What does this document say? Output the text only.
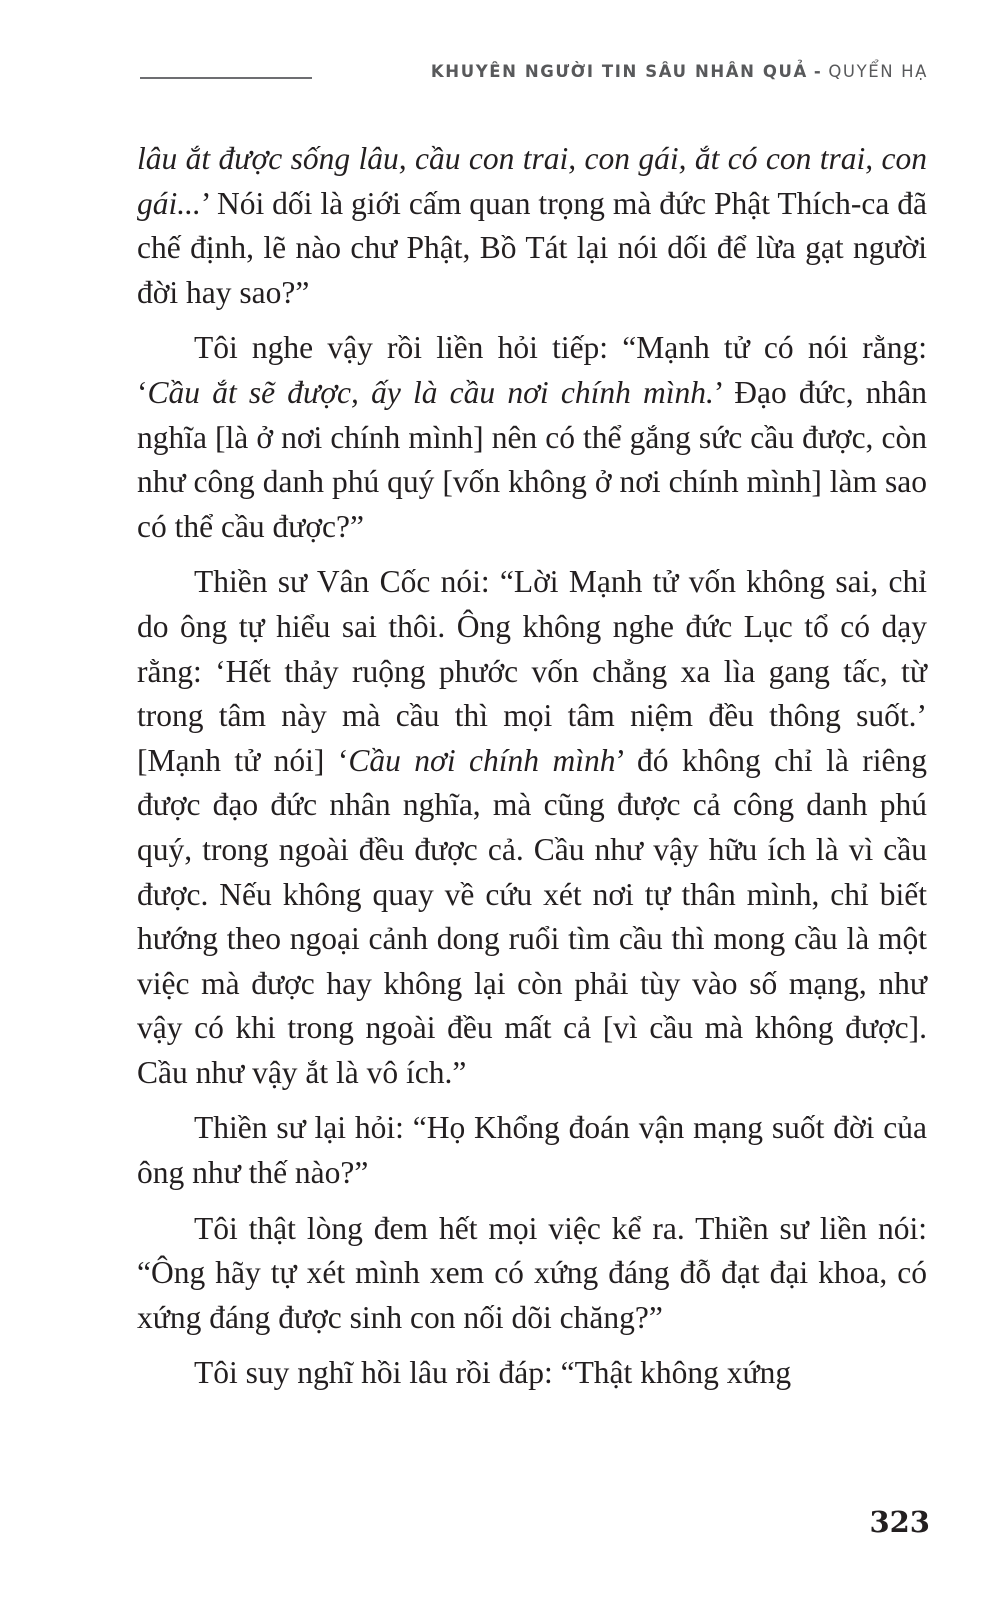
KHUYÊN NGƯỜI TIN SÂU NHÂN QUẢ - QUYỂN HẠ

lâu ắt được sống lâu, cầu con trai, con gái, ắt có con trai, con gái...’ Nói dối là giới cấm quan trọng mà đức Phật Thích-ca đã chế định, lẽ nào chư Phật, Bồ Tát lại nói dối để lừa gạt người đời hay sao?”

Tôi nghe vậy rồi liền hỏi tiếp: “Mạnh tử có nói rằng: ‘Cầu ắt sẽ được, ấy là cầu nơi chính mình.’ Đạo đức, nhân nghĩa [là ở nơi chính mình] nên có thể gắng sức cầu được, còn như công danh phú quý [vốn không ở nơi chính mình] làm sao có thể cầu được?”

Thiền sư Vân Cốc nói: “Lời Mạnh tử vốn không sai, chỉ do ông tự hiểu sai thôi. Ông không nghe đức Lục tổ có dạy rằng: ‘Hết thảy ruộng phước vốn chẳng xa lìa gang tấc, từ trong tâm này mà cầu thì mọi tâm niệm đều thông suốt.’ [Mạnh tử nói] ‘Cầu nơi chính mình’ đó không chỉ là riêng được đạo đức nhân nghĩa, mà cũng được cả công danh phú quý, trong ngoài đều được cả. Cầu như vậy hữu ích là vì cầu được. Nếu không quay về cứu xét nơi tự thân mình, chỉ biết hướng theo ngoại cảnh dong ruổi tìm cầu thì mong cầu là một việc mà được hay không lại còn phải tùy vào số mạng, như vậy có khi trong ngoài đều mất cả [vì cầu mà không được]. Cầu như vậy ắt là vô ích.”

Thiền sư lại hỏi: “Họ Khổng đoán vận mạng suốt đời của ông như thế nào?”

Tôi thật lòng đem hết mọi việc kể ra. Thiền sư liền nói: “Ông hãy tự xét mình xem có xứng đáng đỗ đạt đại khoa, có xứng đáng được sinh con nối dõi chăng?”

Tôi suy nghĩ hồi lâu rồi đáp: “Thật không xứng

323
